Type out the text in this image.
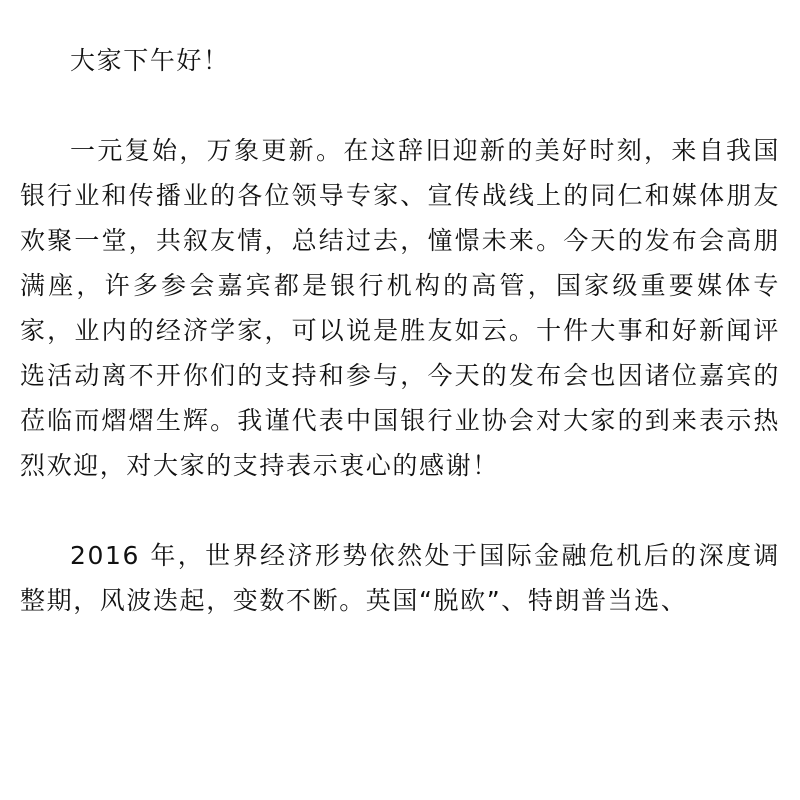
大家下午好！

一元复始，万象更新。在这辞旧迎新的美好时刻，来自我国银行业和传播业的各位领导专家、宣传战线上的同仁和媒体朋友欢聚一堂，共叙友情，总结过去，憧憬未来。今天的发布会高朋满座，许多参会嘉宾都是银行机构的高管，国家级重要媒体专家，业内的经济学家，可以说是胜友如云。十件大事和好新闻评选活动离不开你们的支持和参与，今天的发布会也因诸位嘉宾的莅临而熠熠生辉。我谨代表中国银行业协会对大家的到来表示热烈欢迎，对大家的支持表示衷心的感谢！

2016 年，世界经济形势依然处于国际金融危机后的深度调整期，风波迭起，变数不断。英国“脱欧”、特朗普当选、
